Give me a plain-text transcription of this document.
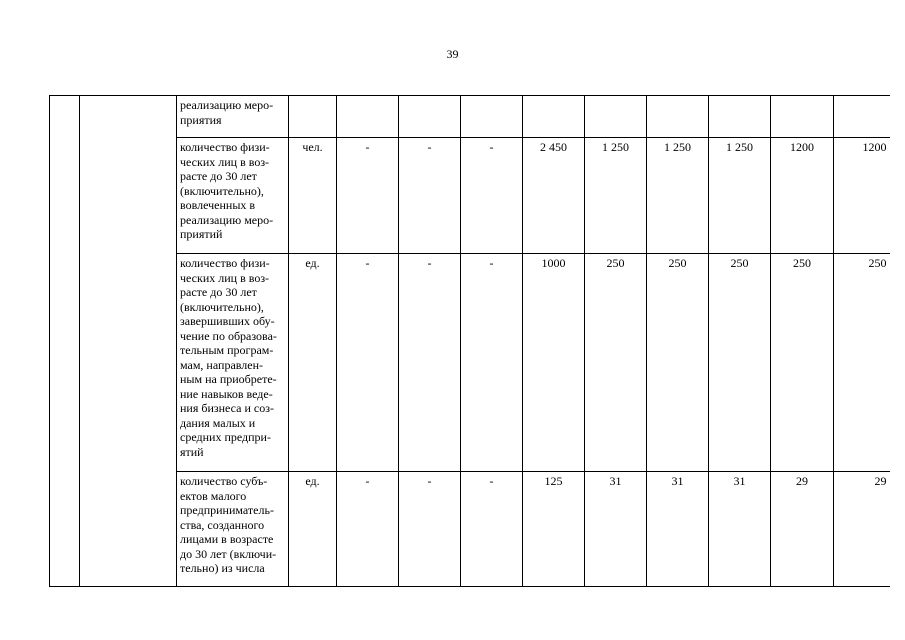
39
		реализацию меро-приятия										
		количество физи-ческих лиц в воз-расте до 30 лет (включительно), вовлеченных в реализацию меро-приятий	чел.	-	-	-	2 450	1 250	1 250	1 250	1200	1200
		количество физи-ческих лиц в воз-расте до 30 лет (включительно), завершивших обу-чение по образова-тельным програм-мам, направлен-ным на приобрете-ние навыков веде-ния бизнеса и соз-дания малых и средних предпри-ятий	ед.	-	-	-	1000	250	250	250	250	250
		количество субъ-ектов малого предприниматель-ства, созданного лицами в возрасте до 30 лет (включи-тельно) из числа	ед.	-	-	-	125	31	31	31	29	29
